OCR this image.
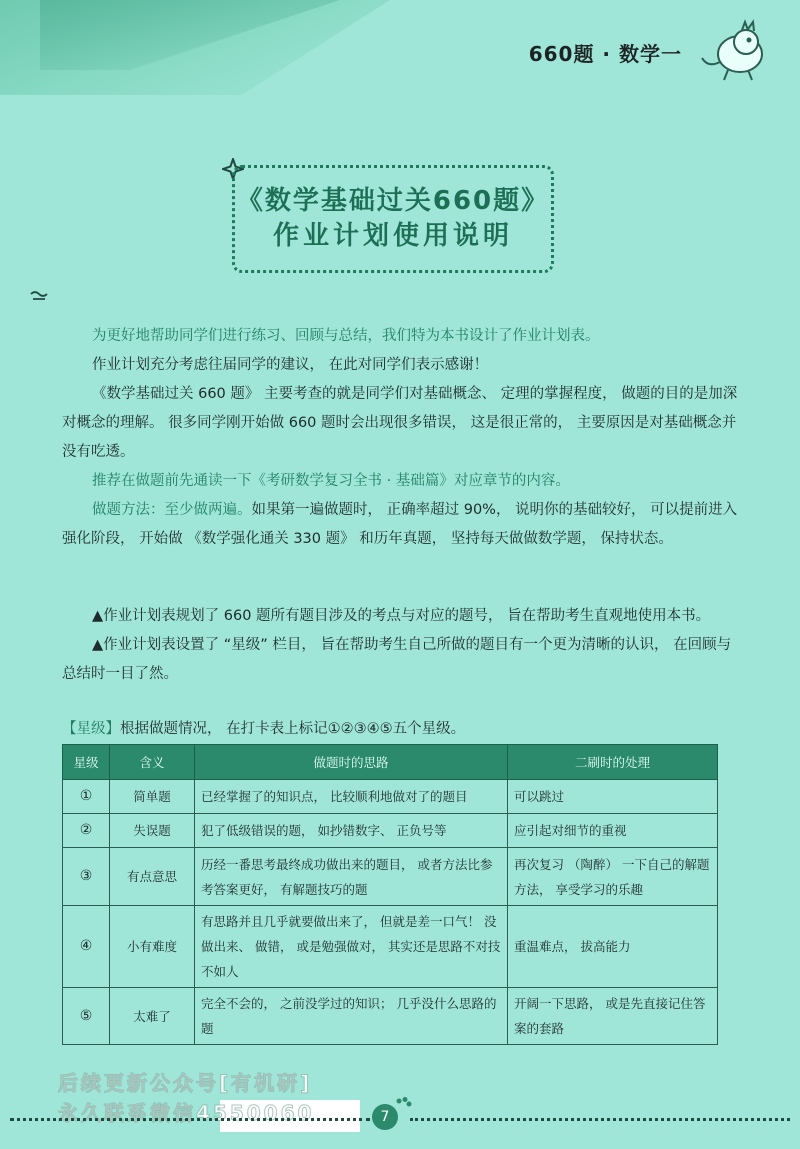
660题 · 数学一
《数学基础过关660题》
作业计划使用说明

为更好地帮助同学们进行练习、回顾与总结，我们特为本书设计了作业计划表。

作业计划充分考虑往届同学的建议， 在此对同学们表示感谢！

《数学基础过关 660 题》 主要考查的就是同学们对基础概念、 定理的掌握程度， 做题的目的是加深对概念的理解。 很多同学刚开始做 660 题时会出现很多错误， 这是很正常的， 主要原因是对基础概念并没有吃透。

推荐在做题前先通读一下《考研数学复习全书 · 基础篇》对应章节的内容。

做题方法：至少做两遍。如果第一遍做题时， 正确率超过 90%， 说明你的基础较好， 可以提前进入强化阶段， 开始做 《数学强化通关 330 题》 和历年真题， 坚持每天做做数学题， 保持状态。

▲作业计划表规划了 660 题所有题目涉及的考点与对应的题号， 旨在帮助考生直观地使用本书。

▲作业计划表设置了 “星级” 栏目， 旨在帮助考生自己所做的题目有一个更为清晰的认识， 在回顾与总结时一目了然。

【星级】根据做题情况， 在打卡表上标记①②③④⑤五个星级。
星级	含义	做题时的思路	二刷时的处理
①	简单题	已经掌握了的知识点， 比较顺利地做对了的题目	可以跳过
②	失误题	犯了低级错误的题， 如抄错数字、 正负号等	应引起对细节的重视
③	有点意思	历经一番思考最终成功做出来的题目， 或者方法比参考答案更好， 有解题技巧的题	再次复习 （陶醉） 一下自己的解题方法， 享受学习的乐趣
④	小有难度	有思路并且几乎就要做出来了， 但就是差一口气！ 没做出来、 做错， 或是勉强做对， 其实还是思路不对技不如人	重温难点， 拔高能力
⑤	太难了	完全不会的， 之前没学过的知识； 几乎没什么思路的题	开阔一下思路， 或是先直接记住答案的套路
后续更新公众号[有机研]
永久联系微信4550060	7
